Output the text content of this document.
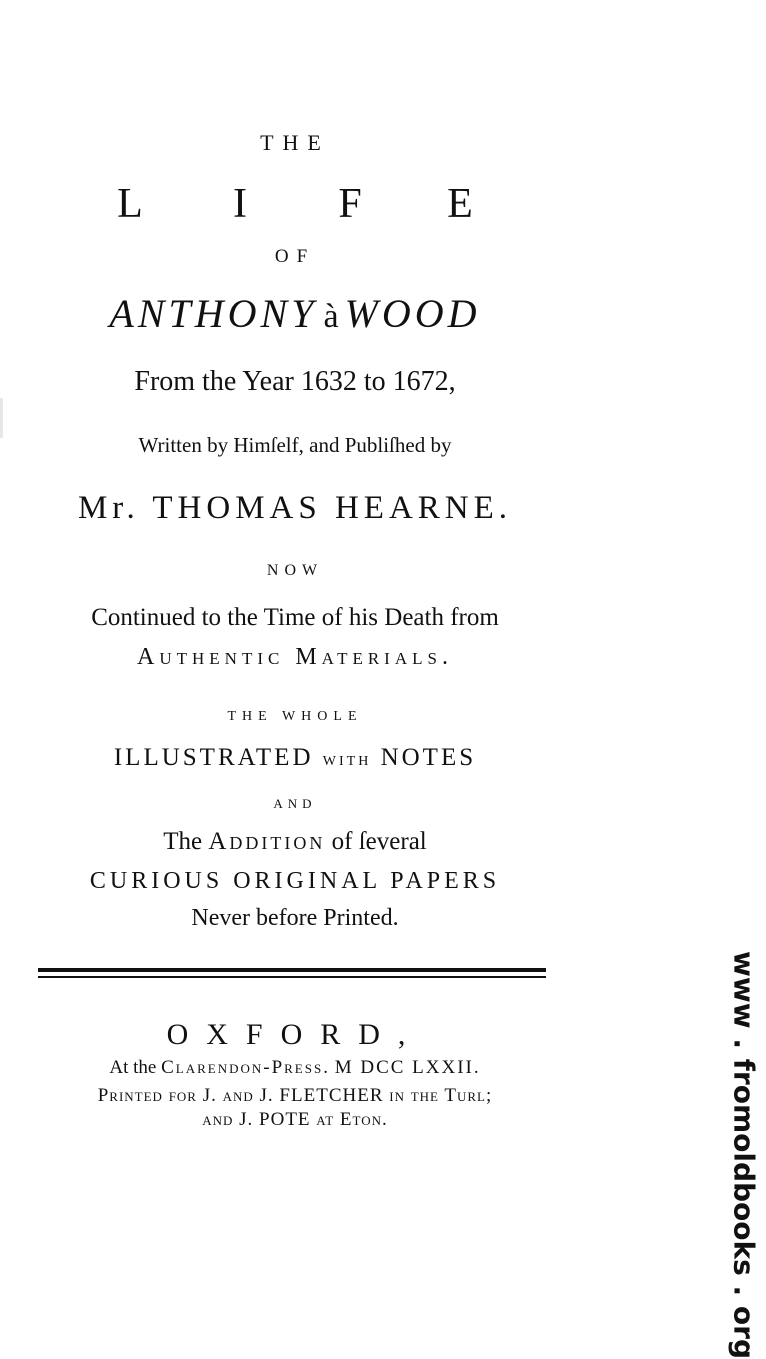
THE
L I F E
OF
ANTHONY à WOOD
From the Year 1632 to 1672,
Written by Himſelf, and Publiſhed by
Mr. THOMAS HEARNE.
NOW
Continued to the Time of his Death from
Authentic Materials.
THE WHOLE
ILLUSTRATED WITH NOTES
AND
The Addition of ſeveral
CURIOUS ORIGINAL PAPERS
Never before Printed.
OXFORD,
At the Clarendon-Press. M DCC LXXII.
Printed for J. and J. FLETCHER in the Turl;
and J. POTE at Eton.	www . fromoldbooks . org
